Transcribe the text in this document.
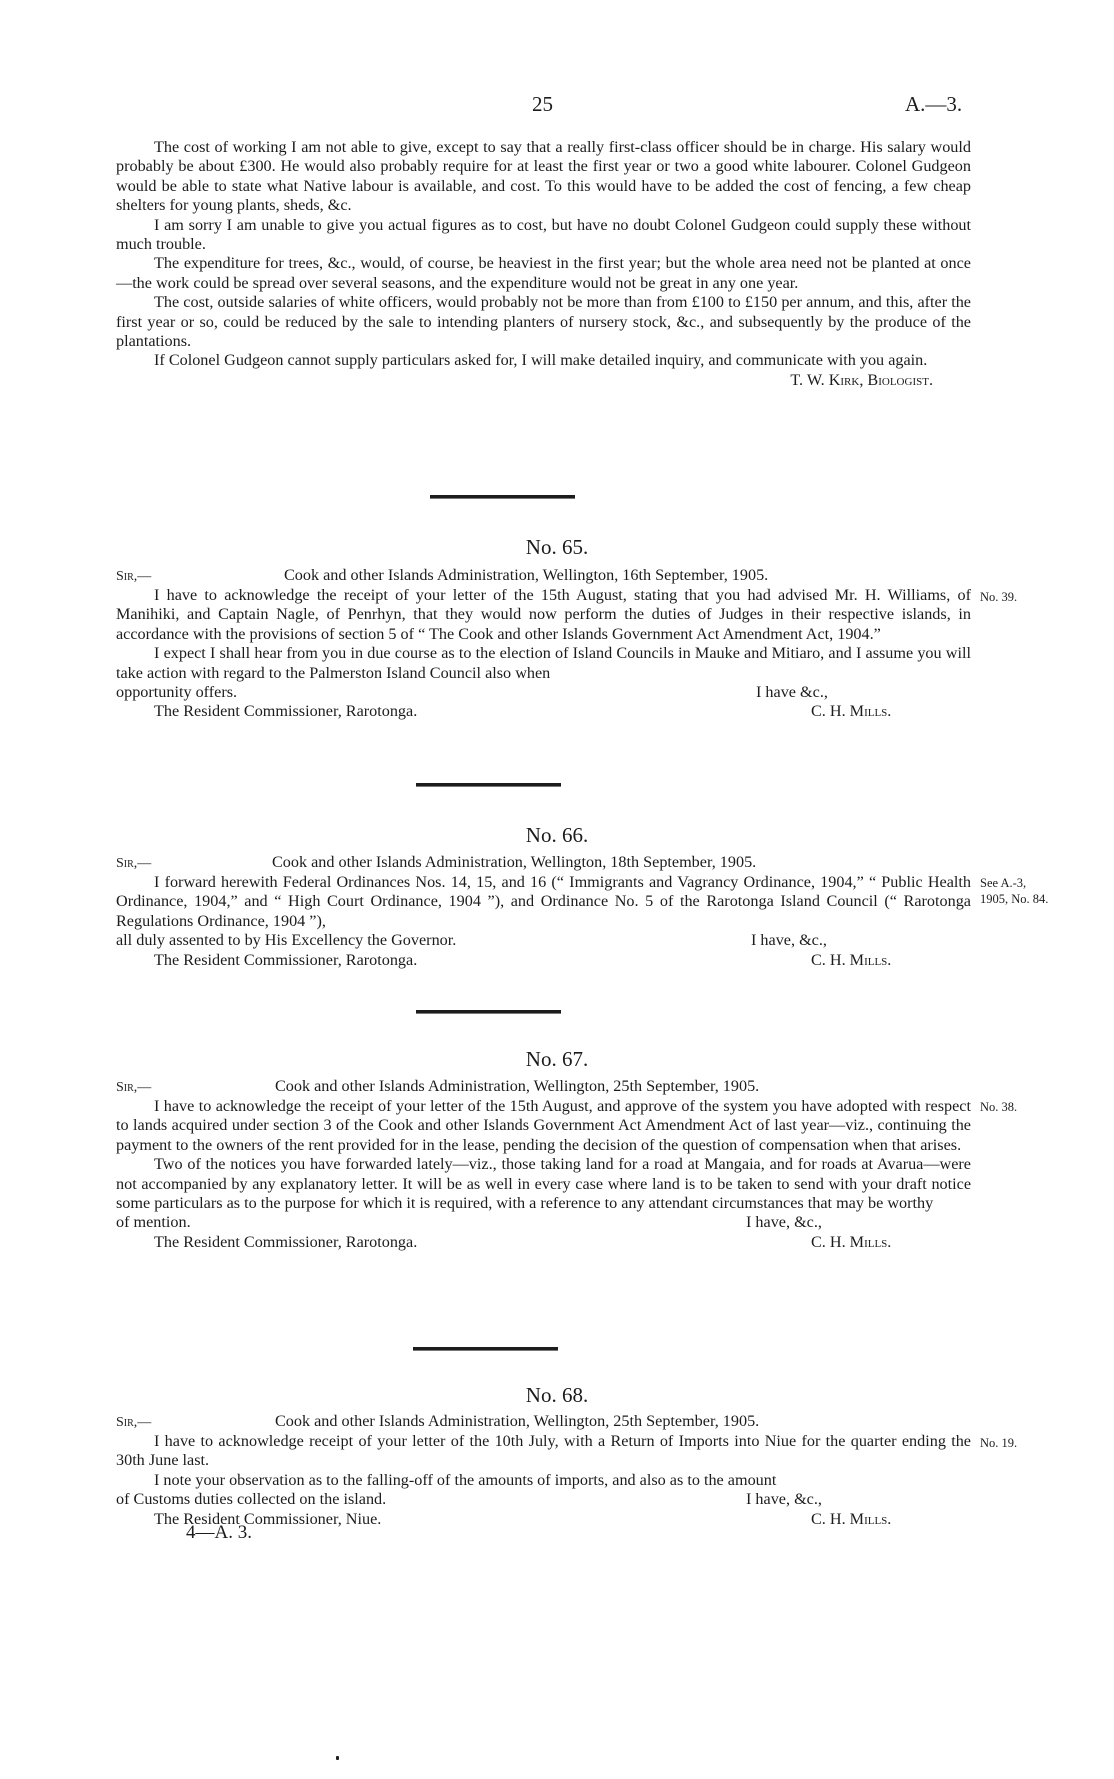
25	A.—3.

The cost of working I am not able to give, except to say that a really first-class officer should be in charge. His salary would probably be about £300. He would also probably require for at least the first year or two a good white labourer. Colonel Gudgeon would be able to state what Native labour is available, and cost. To this would have to be added the cost of fencing, a few cheap shelters for young plants, sheds, &c.

I am sorry I am unable to give you actual figures as to cost, but have no doubt Colonel Gudgeon could supply these without much trouble.

The expenditure for trees, &c., would, of course, be heaviest in the first year; but the whole area need not be planted at once—the work could be spread over several seasons, and the expenditure would not be great in any one year.

The cost, outside salaries of white officers, would probably not be more than from £100 to £150 per annum, and this, after the first year or so, could be reduced by the sale to intending planters of nursery stock, &c., and subsequently by the produce of the plantations.

If Colonel Gudgeon cannot supply particulars asked for, I will make detailed inquiry, and communicate with you again.

T. W. Kirk, Biologist.

No. 65.
Sir,—	Cook and other Islands Administration, Wellington, 16th September, 1905.

I have to acknowledge the receipt of your letter of the 15th August, stating that you had advised Mr. H. Williams, of Manihiki, and Captain Nagle, of Penrhyn, that they would now perform the duties of Judges in their respective islands, in accordance with the provisions of section 5 of “ The Cook and other Islands Government Act Amendment Act, 1904.”

I expect I shall hear from you in due course as to the election of Island Councils in Mauke and Mitiaro, and I assume you will take action with regard to the Palmerston Island Council also when

opportunity offers.	I have &c.,
The Resident Commissioner, Rarotonga.	C. H. Mills.
No. 39.
No. 66.
Sir,—	Cook and other Islands Administration, Wellington, 18th September, 1905.

I forward herewith Federal Ordinances Nos. 14, 15, and 16 (“ Immigrants and Vagrancy Ordinance, 1904,” “ Public Health Ordinance, 1904,” and “ High Court Ordinance, 1904 ”), and Ordinance No. 5 of the Rarotonga Island Council (“ Rarotonga Regulations Ordinance, 1904 ”),

all duly assented to by His Excellency the Governor.	I have, &c.,
The Resident Commissioner, Rarotonga.	C. H. Mills.
See A.-3,
1905, No. 84.
No. 67.
Sir,—	Cook and other Islands Administration, Wellington, 25th September, 1905.

I have to acknowledge the receipt of your letter of the 15th August, and approve of the system you have adopted with respect to lands acquired under section 3 of the Cook and other Islands Government Act Amendment Act of last year—viz., continuing the payment to the owners of the rent provided for in the lease, pending the decision of the question of compensation when that arises.

Two of the notices you have forwarded lately—viz., those taking land for a road at Mangaia, and for roads at Avarua—were not accompanied by any explanatory letter. It will be as well in every case where land is to be taken to send with your draft notice some particulars as to the purpose for which it is required, with a reference to any attendant circumstances that may be worthy

of mention.	I have, &c.,
The Resident Commissioner, Rarotonga.	C. H. Mills.
No. 38.
No. 68.
Sir,—	Cook and other Islands Administration, Wellington, 25th September, 1905.

I have to acknowledge receipt of your letter of the 10th July, with a Return of Imports into Niue for the quarter ending the 30th June last.

I note your observation as to the falling-off of the amounts of imports, and also as to the amount

of Customs duties collected on the island.	I have, &c.,
The Resident Commissioner, Niue.	C. H. Mills.
No. 19.
4—A. 3.
